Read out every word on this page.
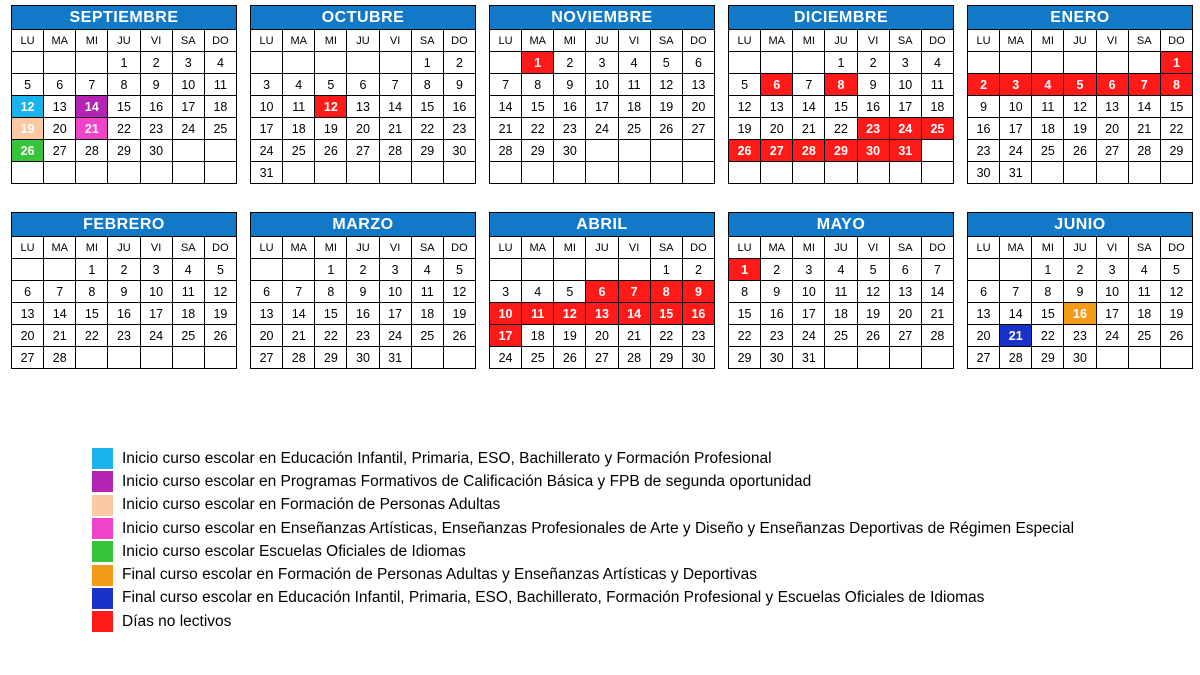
SEPTIEMBRE
LU	MA	MI	JU	VI	SA	DO
			1	2	3	4
5	6	7	8	9	10	11
12	13	14	15	16	17	18
19	20	21	22	23	24	25
26	27	28	29	30		

OCTUBRE
LU	MA	MI	JU	VI	SA	DO
					1	2
3	4	5	6	7	8	9
10	11	12	13	14	15	16
17	18	19	20	21	22	23
24	25	26	27	28	29	30
31						
NOVIEMBRE
LU	MA	MI	JU	VI	SA	DO
	1	2	3	4	5	6
7	8	9	10	11	12	13
14	15	16	17	18	19	20
21	22	23	24	25	26	27
28	29	30				

DICIEMBRE
LU	MA	MI	JU	VI	SA	DO
			1	2	3	4
5	6	7	8	9	10	11
12	13	14	15	16	17	18
19	20	21	22	23	24	25
26	27	28	29	30	31	

ENERO
LU	MA	MI	JU	VI	SA	DO
						1
2	3	4	5	6	7	8
9	10	11	12	13	14	15
16	17	18	19	20	21	22
23	24	25	26	27	28	29
30	31					
FEBRERO
LU	MA	MI	JU	VI	SA	DO
		1	2	3	4	5
6	7	8	9	10	11	12
13	14	15	16	17	18	19
20	21	22	23	24	25	26
27	28					
MARZO
LU	MA	MI	JU	VI	SA	DO
		1	2	3	4	5
6	7	8	9	10	11	12
13	14	15	16	17	18	19
20	21	22	23	24	25	26
27	28	29	30	31		
ABRIL
LU	MA	MI	JU	VI	SA	DO
					1	2
3	4	5	6	7	8	9
10	11	12	13	14	15	16
17	18	19	20	21	22	23
24	25	26	27	28	29	30
MAYO
LU	MA	MI	JU	VI	SA	DO
1	2	3	4	5	6	7
8	9	10	11	12	13	14
15	16	17	18	19	20	21
22	23	24	25	26	27	28
29	30	31				
JUNIO
LU	MA	MI	JU	VI	SA	DO
		1	2	3	4	5
6	7	8	9	10	11	12
13	14	15	16	17	18	19
20	21	22	23	24	25	26
27	28	29	30			
Inicio curso escolar en Educación Infantil, Primaria, ESO, Bachillerato y Formación Profesional
Inicio curso escolar en Programas Formativos de Calificación Básica y FPB de segunda oportunidad
Inicio curso escolar en Formación de Personas Adultas
Inicio curso escolar en Enseñanzas Artísticas, Enseñanzas Profesionales de Arte y Diseño y Enseñanzas Deportivas de Régimen Especial
Inicio curso escolar Escuelas Oficiales de Idiomas
Final curso escolar en Formación de Personas Adultas y Enseñanzas Artísticas y Deportivas
Final curso escolar en Educación Infantil, Primaria, ESO, Bachillerato, Formación Profesional y Escuelas Oficiales de Idiomas
Días no lectivos
